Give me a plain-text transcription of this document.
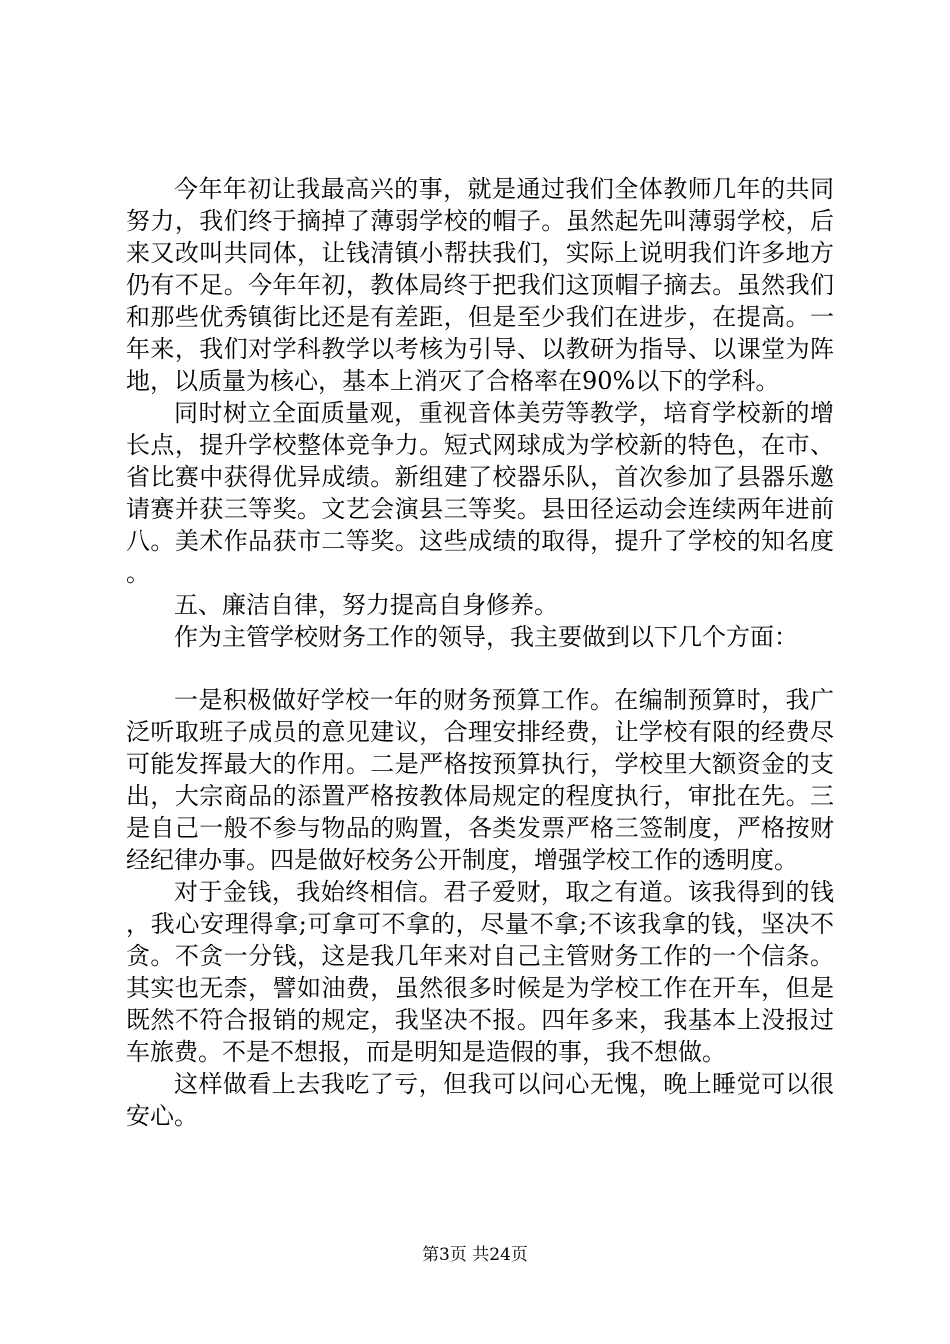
今年年初让我最高兴的事，就是通过我们全体教师几年的共同努力，我们终于摘掉了薄弱学校的帽子。虽然起先叫薄弱学校，后来又改叫共同体，让钱清镇小帮扶我们，实际上说明我们许多地方仍有不足。今年年初，教体局终于把我们这顶帽子摘去。虽然我们和那些优秀镇街比还是有差距，但是至少我们在进步，在提高。一年来，我们对学科教学以考核为引导、以教研为指导、以课堂为阵地，以质量为核心，基本上消灭了合格率在90%以下的学科。

同时树立全面质量观，重视音体美劳等教学，培育学校新的增长点，提升学校整体竞争力。短式网球成为学校新的特色，在市、省比赛中获得优异成绩。新组建了校器乐队，首次参加了县器乐邀请赛并获三等奖。文艺会演县三等奖。县田径运动会连续两年进前八。美术作品获市二等奖。这些成绩的取得，提升了学校的知名度。

五、廉洁自律，努力提高自身修养。

作为主管学校财务工作的领导，我主要做到以下几个方面：

一是积极做好学校一年的财务预算工作。在编制预算时，我广泛听取班子成员的意见建议，合理安排经费，让学校有限的经费尽可能发挥最大的作用。二是严格按预算执行，学校里大额资金的支出，大宗商品的添置严格按教体局规定的程度执行，审批在先。三是自己一般不参与物品的购置，各类发票严格三签制度，严格按财经纪律办事。四是做好校务公开制度，增强学校工作的透明度。

对于金钱，我始终相信。君子爱财，取之有道。该我得到的钱，我心安理得拿;可拿可不拿的，尽量不拿;不该我拿的钱，坚决不贪。不贪一分钱，这是我几年来对自己主管财务工作的一个信条。其实也无柰，譬如油费，虽然很多时候是为学校工作在开车，但是既然不符合报销的规定，我坚决不报。四年多来，我基本上没报过车旅费。不是不想报，而是明知是造假的事，我不想做。

这样做看上去我吃了亏，但我可以问心无愧，晚上睡觉可以很安心。

第3页 共24页
